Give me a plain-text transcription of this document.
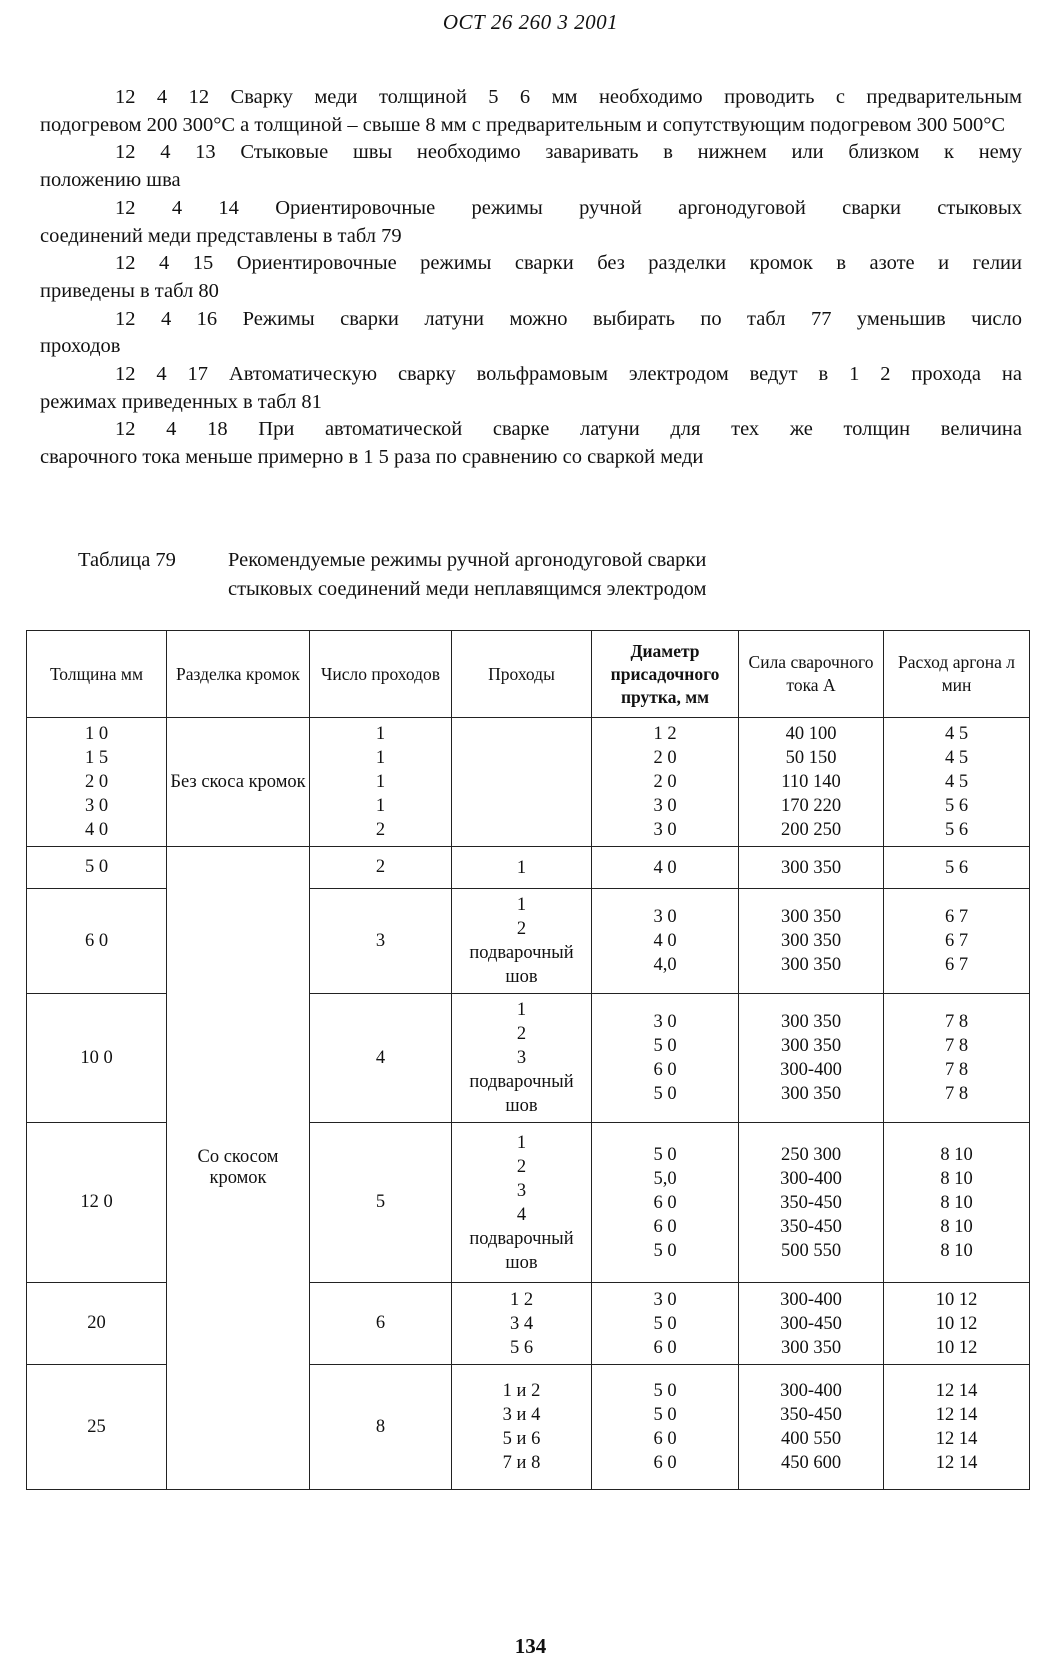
ОСТ 26 260 3 2001

12 4 12 Сварку меди толщиной 5 6 мм необходимо проводить с предварительным
подогревом 200 300°С а толщиной – свыше 8 мм с предварительным и сопутствующим подогревом 300 500°С

12 4 13 Стыковые швы необходимо заваривать в нижнем или близком к нему
положению шва

12 4 14 Ориентировочные режимы ручной аргонодуговой сварки стыковых
соединений меди представлены в табл 79

12 4 15 Ориентировочные режимы сварки без разделки кромок в азоте и гелии
приведены в табл 80

12 4 16 Режимы сварки латуни можно выбирать по табл 77 уменьшив число
проходов

12 4 17 Автоматическую сварку вольфрамовым электродом ведут в 1 2 прохода на
режимах приведенных в табл 81

12 4 18 При автоматической сварке латуни для тех же толщин величина
сварочного тока меньше примерно в 1 5 раза по сравнению со сваркой меди

Таблица 79	Рекомендуемые режимы ручной аргонодуговой сварки
стыковых соединений меди неплавящимся электродом
Толщина мм	Разделка кромок	Число проходов	Проходы	Диаметр присадочного прутка, мм	Сила сварочного тока А	Расход аргона л мин

1 0
1 5
2 0
3 0
4 0	Без скоса кромок	1
1
1
1
2		1 2
2 0
2 0
3 0
3 0	40 100
50 150
110 140
170 220
200 250	4 5
4 5
4 5
5 6
5 6

5 0	Со скосом кромок	2	1	4 0	300 350	5 6

6 0		3	1
2
подварочный шов	3 0
4 0
4,0	300 350
300 350
300 350	6 7
6 7
6 7

10 0		4	1
2
3
подварочный шов	3 0
5 0
6 0
5 0	300 350
300 350
300-400
300 350	7 8
7 8
7 8
7 8

12 0		5	1
2
3
4
подварочный шов	5 0
5,0
6 0
6 0
5 0	250 300
300-400
350-450
350-450
500 550	8 10
8 10
8 10
8 10
8 10

20		6	1 2
3 4
5 6	3 0
5 0
6 0	300-400
300-450
300 350	10 12
10 12
10 12

25		8	1 и 2
3 и 4
5 и 6
7 и 8	5 0
5 0
6 0
6 0	300-400
350-450
400 550
450 600	12 14
12 14
12 14
12 14
134
